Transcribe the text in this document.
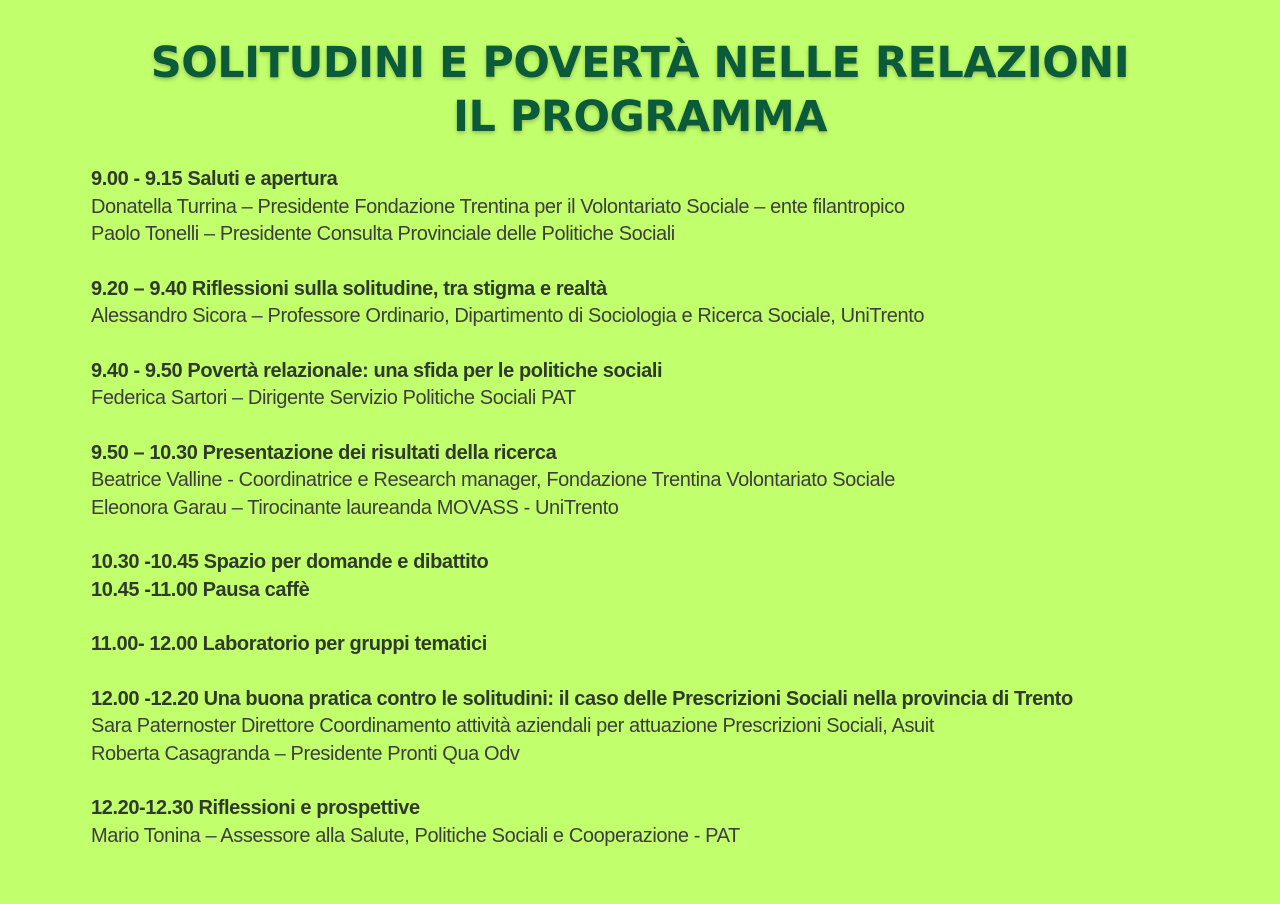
SOLITUDINI E POVERTÀ NELLE RELAZIONI
IL PROGRAMMA
9.00 - 9.15 Saluti e apertura
Donatella Turrina – Presidente Fondazione Trentina per il Volontariato Sociale – ente filantropico
Paolo Tonelli – Presidente Consulta Provinciale delle Politiche Sociali
9.20 – 9.40 Riflessioni sulla solitudine, tra stigma e realtà
Alessandro Sicora – Professore Ordinario, Dipartimento di Sociologia e Ricerca Sociale, UniTrento
9.40 - 9.50 Povertà relazionale: una sfida per le politiche sociali
Federica Sartori – Dirigente Servizio Politiche Sociali PAT
9.50 – 10.30 Presentazione dei risultati della ricerca
Beatrice Valline - Coordinatrice e Research manager, Fondazione Trentina Volontariato Sociale
Eleonora Garau – Tirocinante laureanda MOVASS - UniTrento
10.30 -10.45 Spazio per domande e dibattito
10.45 -11.00 Pausa caffè
11.00- 12.00 Laboratorio per gruppi tematici
12.00 -12.20 Una buona pratica contro le solitudini: il caso delle Prescrizioni Sociali nella provincia di Trento
Sara Paternoster Direttore Coordinamento attività aziendali per attuazione Prescrizioni Sociali, Asuit
Roberta Casagranda – Presidente Pronti Qua Odv
12.20-12.30 Riflessioni e prospettive
Mario Tonina – Assessore alla Salute, Politiche Sociali e Cooperazione - PAT
